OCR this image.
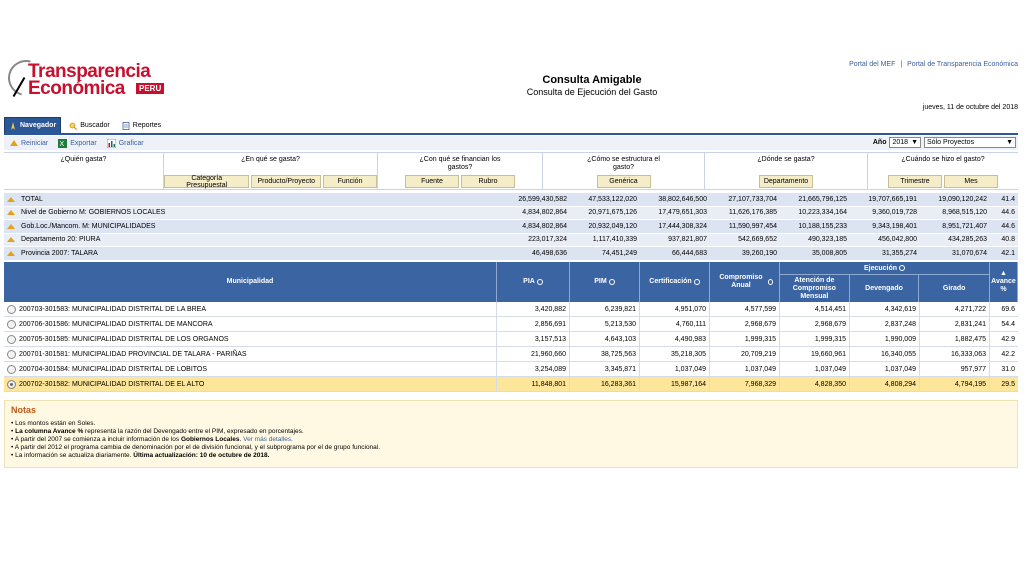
Transparencia
Económica	PERU
Portal del MEF | Portal de Transparencia Económica
Consulta Amigable
Consulta de Ejecución del Gasto
jueves, 11 de octubre del 2018
Navegador	Buscador	Reportes
Reiniciar X Exportar	Graficar	Año 2018 ▼ Sólo Proyectos	▼
¿Quién gasta?	¿En qué se gasta?
Categoría Presupuestal	Producto/Proyecto	Función
¿Con qué se financian los gastos?
Fuente	Rubro
¿Cómo se estructura el gasto?
Genérica
¿Dónde se gasta?
Departamento
¿Cuándo se hizo el gasto?
Trimestre	Mes
TOTAL	26,599,430,582	47,533,122,020	38,802,646,500	27,107,733,704	21,665,796,125	19,707,665,191	19,090,120,242	41.4
Nivel de Gobierno M: GOBIERNOS LOCALES	4,834,802,864	20,971,675,126	17,479,651,303	11,626,176,385	10,223,334,164	9,360,019,728	8,968,515,120	44.6
Gob.Loc./Mancom. M: MUNICIPALIDADES	4,834,802,864	20,932,049,120	17,444,308,324	11,590,997,454	10,188,155,233	9,343,198,401	8,951,721,407	44.6
Departamento 20: PIURA	223,017,324	1,117,410,339	937,821,807	542,669,652	490,323,185	456,042,800	434,285,263	40.8
Provincia 2007: TALARA	46,498,636	74,451,249	66,444,683	39,260,190	35,008,805	31,355,274	31,070,674	42.1
Municipalidad	PIA	PIM	Certificación
Compromiso Anual
Ejecución
Atención de Compromiso Mensual
Devengado	Girado
▲
Avance %
200703-301583: MUNICIPALIDAD DISTRITAL DE LA BREA	3,420,882	6,239,821	4,951,070	4,577,599	4,514,451	4,342,619	4,271,722	69.6
200706-301586: MUNICIPALIDAD DISTRITAL DE MANCORA	2,856,691	5,213,530	4,760,111	2,968,679	2,968,679	2,837,248	2,831,241	54.4
200705-301585: MUNICIPALIDAD DISTRITAL DE LOS ORGANOS	3,157,513	4,643,103	4,490,983	1,999,315	1,999,315	1,990,009	1,882,475	42.9
200701-301581: MUNICIPALIDAD PROVINCIAL DE TALARA - PARIÑAS	21,960,660	38,725,563	35,218,305	20,709,219	19,660,961	16,340,055	16,333,063	42.2
200704-301584: MUNICIPALIDAD DISTRITAL DE LOBITOS	3,254,089	3,345,871	1,037,049	1,037,049	1,037,049	1,037,049	957,977	31.0
200702-301582: MUNICIPALIDAD DISTRITAL DE EL ALTO	11,848,801	16,283,361	15,987,164	7,968,329	4,828,350	4,808,294	4,794,195	29.5
Notas
• Los montos están en Soles.
• La columna Avance % representa la razón del Devengado entre el PIM, expresado en porcentajes.
• A partir del 2007 se comienza a incluir información de los Gobiernos Locales. Ver más detalles.
• A partir del 2012 el programa cambia de denominación por el de división funcional, y el subprograma por el de grupo funcional.
• La información se actualiza diariamente. Última actualización: 10 de octubre de 2018.
